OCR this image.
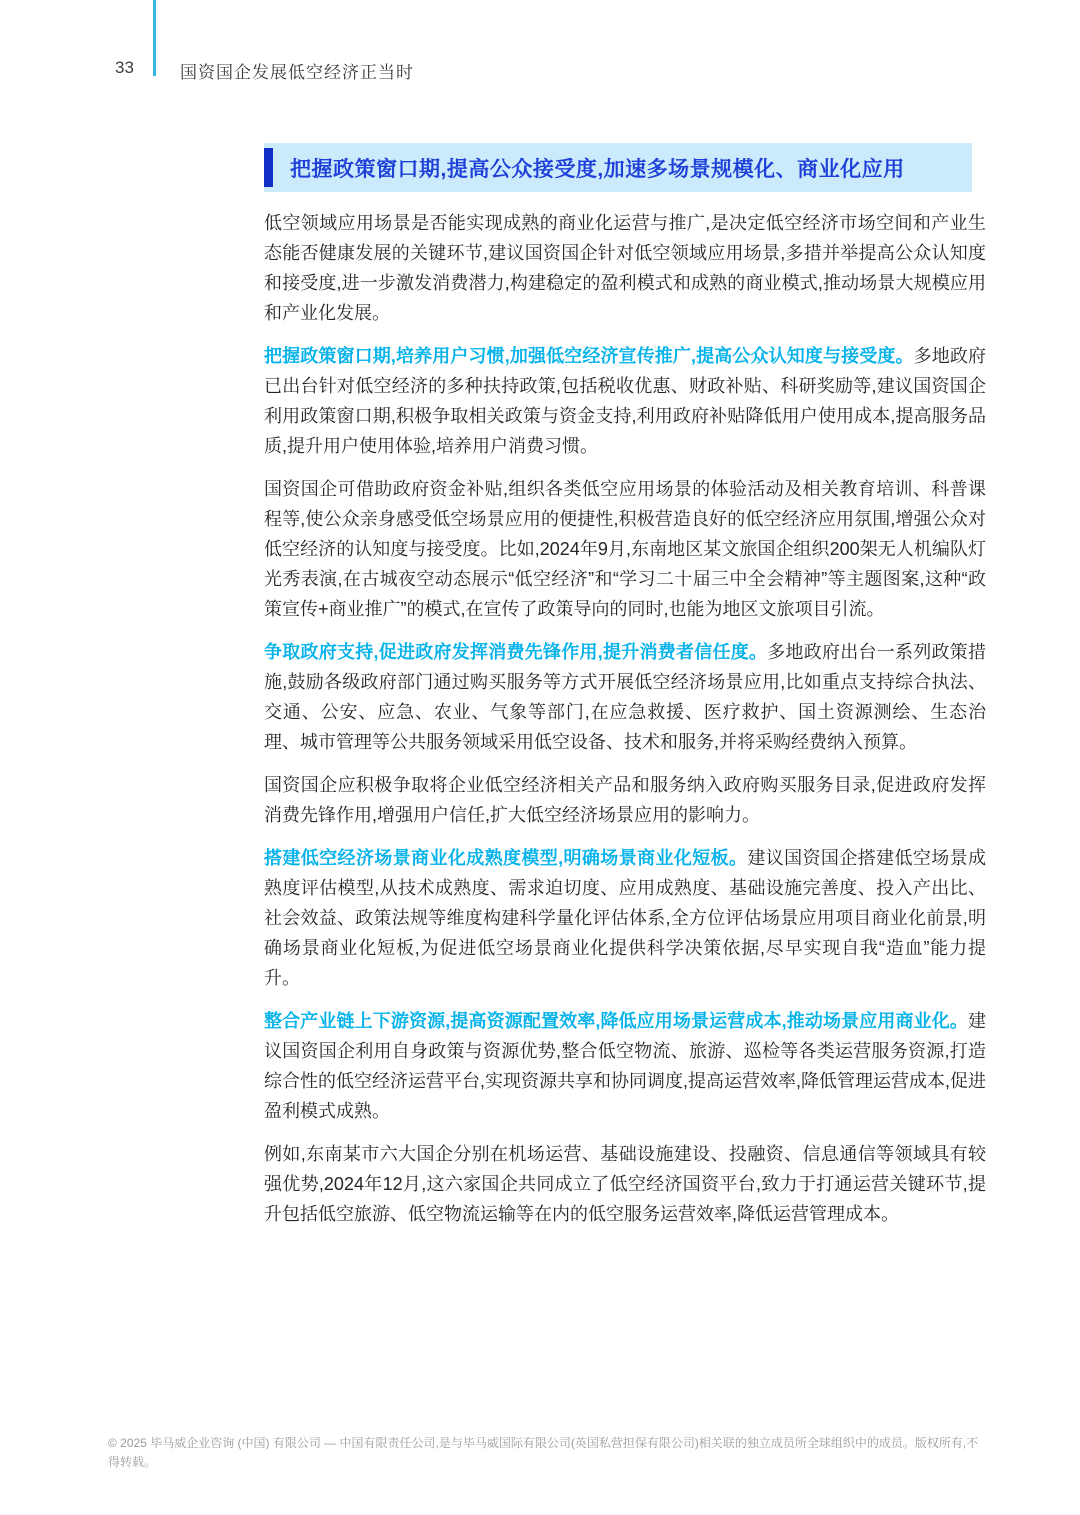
33	国资国企发展低空经济正当时
把握政策窗口期,提高公众接受度,加速多场景规模化、商业化应用

低空领域应用场景是否能实现成熟的商业化运营与推广,是决定低空经济市场空间和产业生态能否健康发展的关键环节,建议国资国企针对低空领域应用场景,多措并举提高公众认知度和接受度,进一步激发消费潜力,构建稳定的盈利模式和成熟的商业模式,推动场景大规模应用和产业化发展。

把握政策窗口期,培养用户习惯,加强低空经济宣传推广,提高公众认知度与接受度。多地政府已出台针对低空经济的多种扶持政策,包括税收优惠、财政补贴、科研奖励等,建议国资国企利用政策窗口期,积极争取相关政策与资金支持,利用政府补贴降低用户使用成本,提高服务品质,提升用户使用体验,培养用户消费习惯。

国资国企可借助政府资金补贴,组织各类低空应用场景的体验活动及相关教育培训、科普课程等,使公众亲身感受低空场景应用的便捷性,积极营造良好的低空经济应用氛围,增强公众对低空经济的认知度与接受度。比如,2024年9月,东南地区某文旅国企组织200架无人机编队灯光秀表演,在古城夜空动态展示“低空经济”和“学习二十届三中全会精神”等主题图案,这种“政策宣传+商业推广”的模式,在宣传了政策导向的同时,也能为地区文旅项目引流。

争取政府支持,促进政府发挥消费先锋作用,提升消费者信任度。多地政府出台一系列政策措施,鼓励各级政府部门通过购买服务等方式开展低空经济场景应用,比如重点支持综合执法、交通、公安、应急、农业、气象等部门,在应急救援、医疗救护、国土资源测绘、生态治理、城市管理等公共服务领域采用低空设备、技术和服务,并将采购经费纳入预算。

国资国企应积极争取将企业低空经济相关产品和服务纳入政府购买服务目录,促进政府发挥消费先锋作用,增强用户信任,扩大低空经济场景应用的影响力。

搭建低空经济场景商业化成熟度模型,明确场景商业化短板。建议国资国企搭建低空场景成熟度评估模型,从技术成熟度、需求迫切度、应用成熟度、基础设施完善度、投入产出比、社会效益、政策法规等维度构建科学量化评估体系,全方位评估场景应用项目商业化前景,明确场景商业化短板,为促进低空场景商业化提供科学决策依据,尽早实现自我“造血”能力提升。

整合产业链上下游资源,提高资源配置效率,降低应用场景运营成本,推动场景应用商业化。建议国资国企利用自身政策与资源优势,整合低空物流、旅游、巡检等各类运营服务资源,打造综合性的低空经济运营平台,实现资源共享和协同调度,提高运营效率,降低管理运营成本,促进盈利模式成熟。

例如,东南某市六大国企分别在机场运营、基础设施建设、投融资、信息通信等领域具有较强优势,2024年12月,这六家国企共同成立了低空经济国资平台,致力于打通运营关键环节,提升包括低空旅游、低空物流运输等在内的低空服务运营效率,降低运营管理成本。

© 2025 毕马威企业咨询 (中国) 有限公司 — 中国有限责任公司,是与毕马威国际有限公司(英国私营担保有限公司)相关联的独立成员所全球组织中的成员。版权所有,不得转载。
